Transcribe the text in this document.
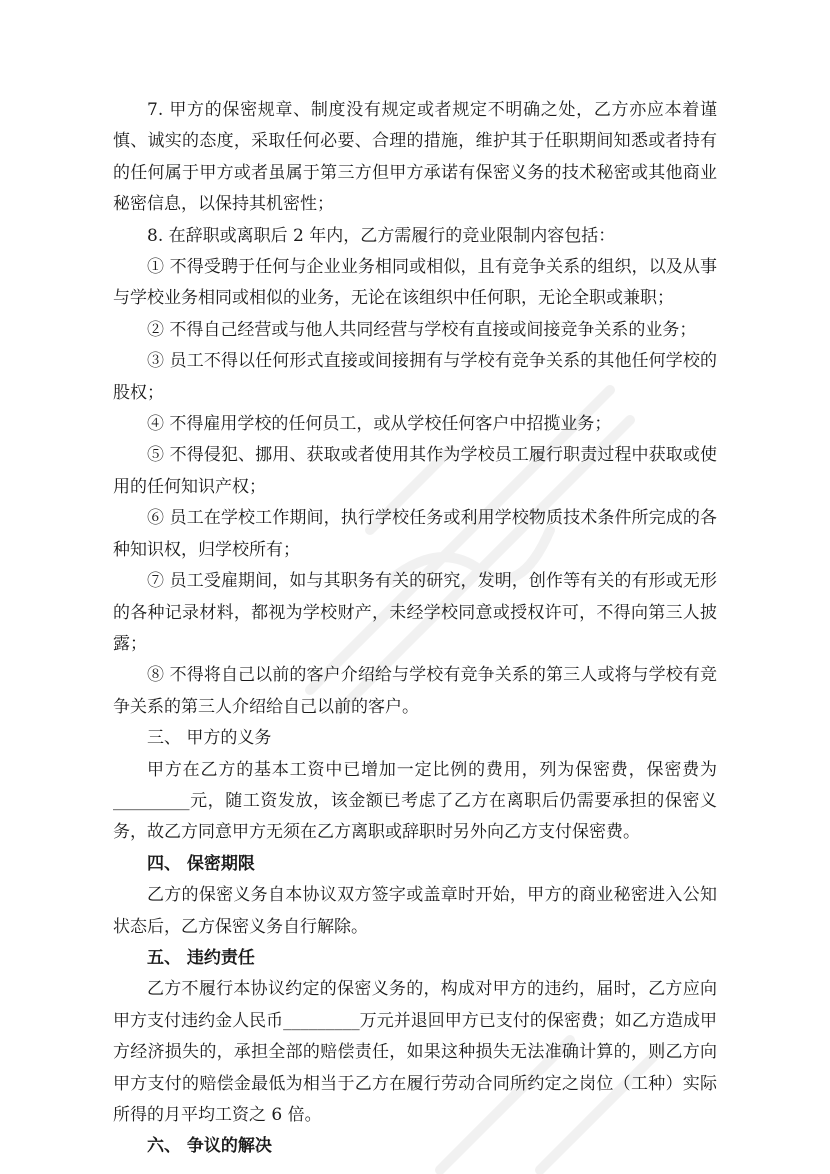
7. 甲方的保密规章、制度没有规定或者规定不明确之处，乙方亦应本着谨慎、诚实的态度，采取任何必要、合理的措施，维护其于任职期间知悉或者持有的任何属于甲方或者虽属于第三方但甲方承诺有保密义务的技术秘密或其他商业秘密信息，以保持其机密性；

8. 在辞职或离职后 2 年内，乙方需履行的竞业限制内容包括：

① 不得受聘于任何与企业业务相同或相似，且有竞争关系的组织，以及从事与学校业务相同或相似的业务，无论在该组织中任何职，无论全职或兼职；

② 不得自己经营或与他人共同经营与学校有直接或间接竞争关系的业务；

③ 员工不得以任何形式直接或间接拥有与学校有竞争关系的其他任何学校的股权；

④ 不得雇用学校的任何员工，或从学校任何客户中招揽业务；

⑤ 不得侵犯、挪用、获取或者使用其作为学校员工履行职责过程中获取或使用的任何知识产权；

⑥ 员工在学校工作期间，执行学校任务或利用学校物质技术条件所完成的各种知识权，归学校所有；

⑦ 员工受雇期间，如与其职务有关的研究，发明，创作等有关的有形或无形的各种记录材料，都视为学校财产，未经学校同意或授权许可，不得向第三人披露；

⑧ 不得将自己以前的客户介绍给与学校有竞争关系的第三人或将与学校有竞争关系的第三人介绍给自己以前的客户。

三、 甲方的义务

甲方在乙方的基本工资中已增加一定比例的费用，列为保密费，保密费为_________元，随工资发放，该金额已考虑了乙方在离职后仍需要承担的保密义务，故乙方同意甲方无须在乙方离职或辞职时另外向乙方支付保密费。

四、 保密期限

乙方的保密义务自本协议双方签字或盖章时开始，甲方的商业秘密进入公知状态后，乙方保密义务自行解除。

五、 违约责任

乙方不履行本协议约定的保密义务的，构成对甲方的违约，届时，乙方应向甲方支付违约金人民币_________万元并退回甲方已支付的保密费；如乙方造成甲方经济损失的，承担全部的赔偿责任，如果这种损失无法准确计算的，则乙方向甲方支付的赔偿金最低为相当于乙方在履行劳动合同所约定之岗位（工种）实际所得的月平均工资之 6 倍。

六、 争议的解决
